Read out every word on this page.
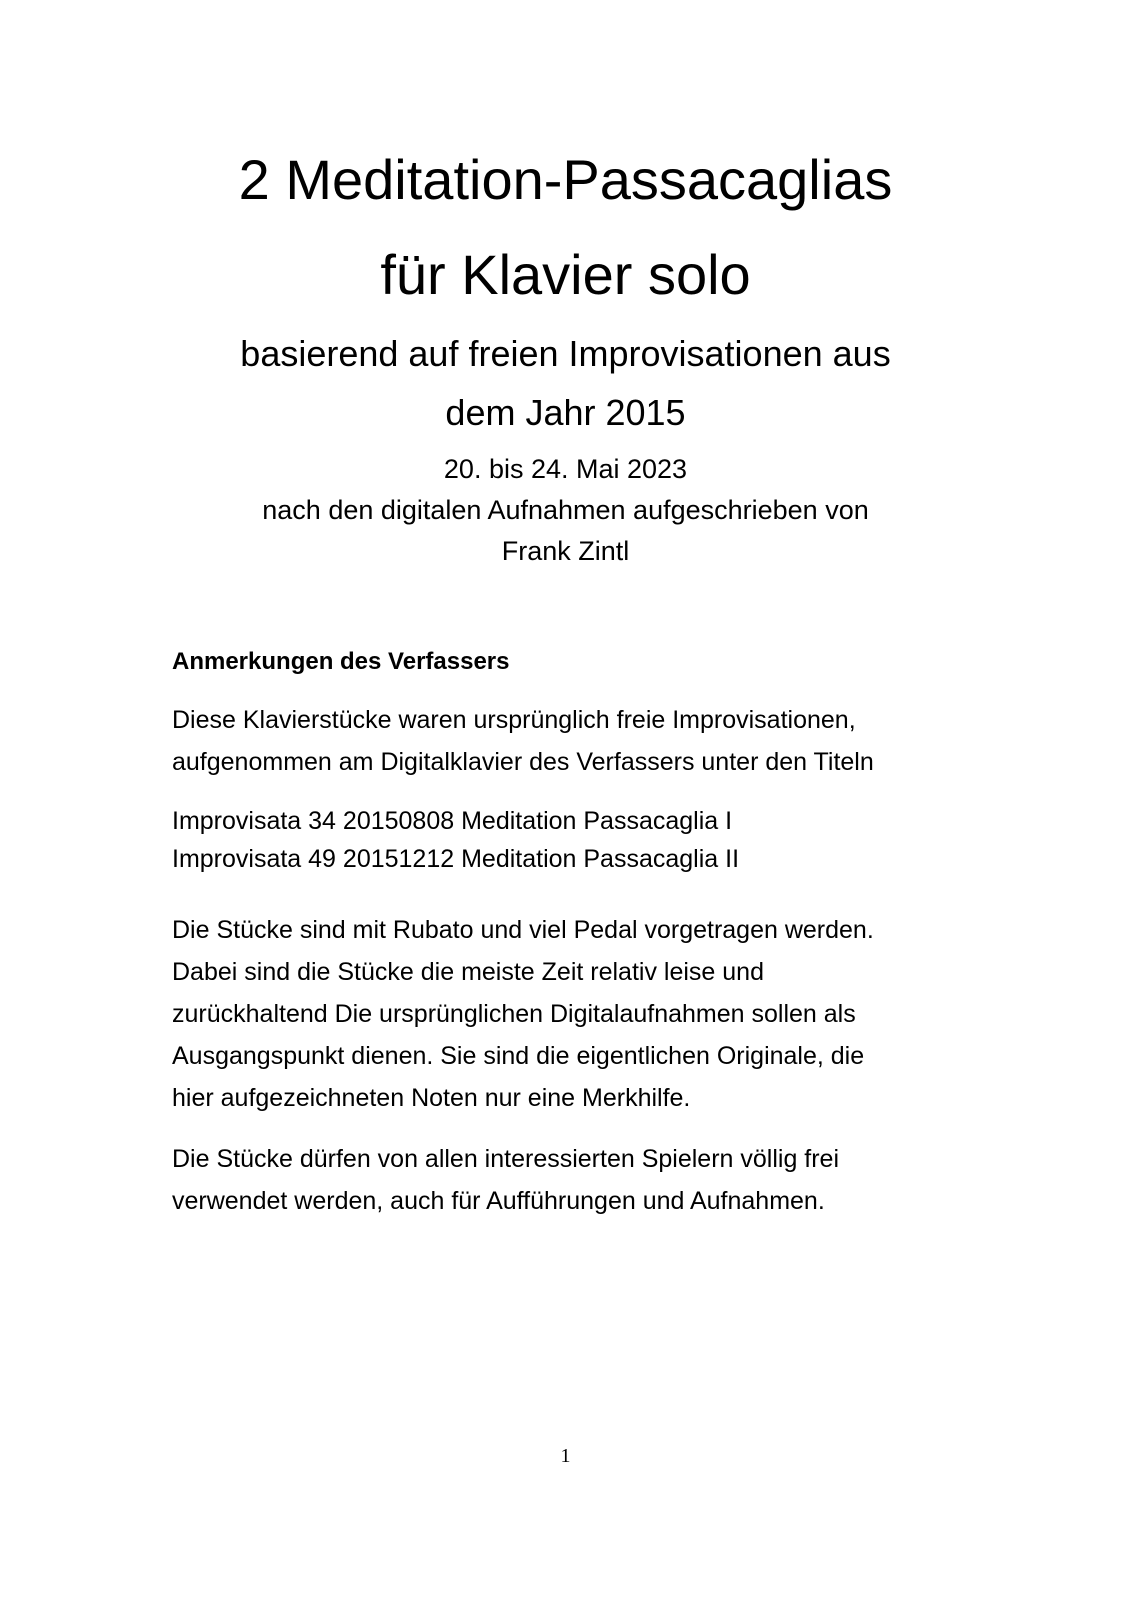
2 Meditation-Passacaglias
für Klavier solo
basierend auf freien Improvisationen aus
dem Jahr 2015
20. bis 24. Mai 2023
nach den digitalen Aufnahmen aufgeschrieben von
Frank Zintl
Anmerkungen des Verfassers
Diese Klavierstücke waren ursprünglich freie Improvisationen,
aufgenommen am Digitalklavier des Verfassers unter den Titeln
Improvisata 34 20150808 Meditation Passacaglia I
Improvisata 49 20151212 Meditation Passacaglia II
Die Stücke sind mit Rubato und viel Pedal vorgetragen werden.
Dabei sind die Stücke die meiste Zeit relativ leise und
zurückhaltend Die ursprünglichen Digitalaufnahmen sollen als
Ausgangspunkt dienen. Sie sind die eigentlichen Originale, die
hier aufgezeichneten Noten nur eine Merkhilfe.
Die Stücke dürfen von allen interessierten Spielern völlig frei
verwendet werden, auch für Aufführungen und Aufnahmen.
1
